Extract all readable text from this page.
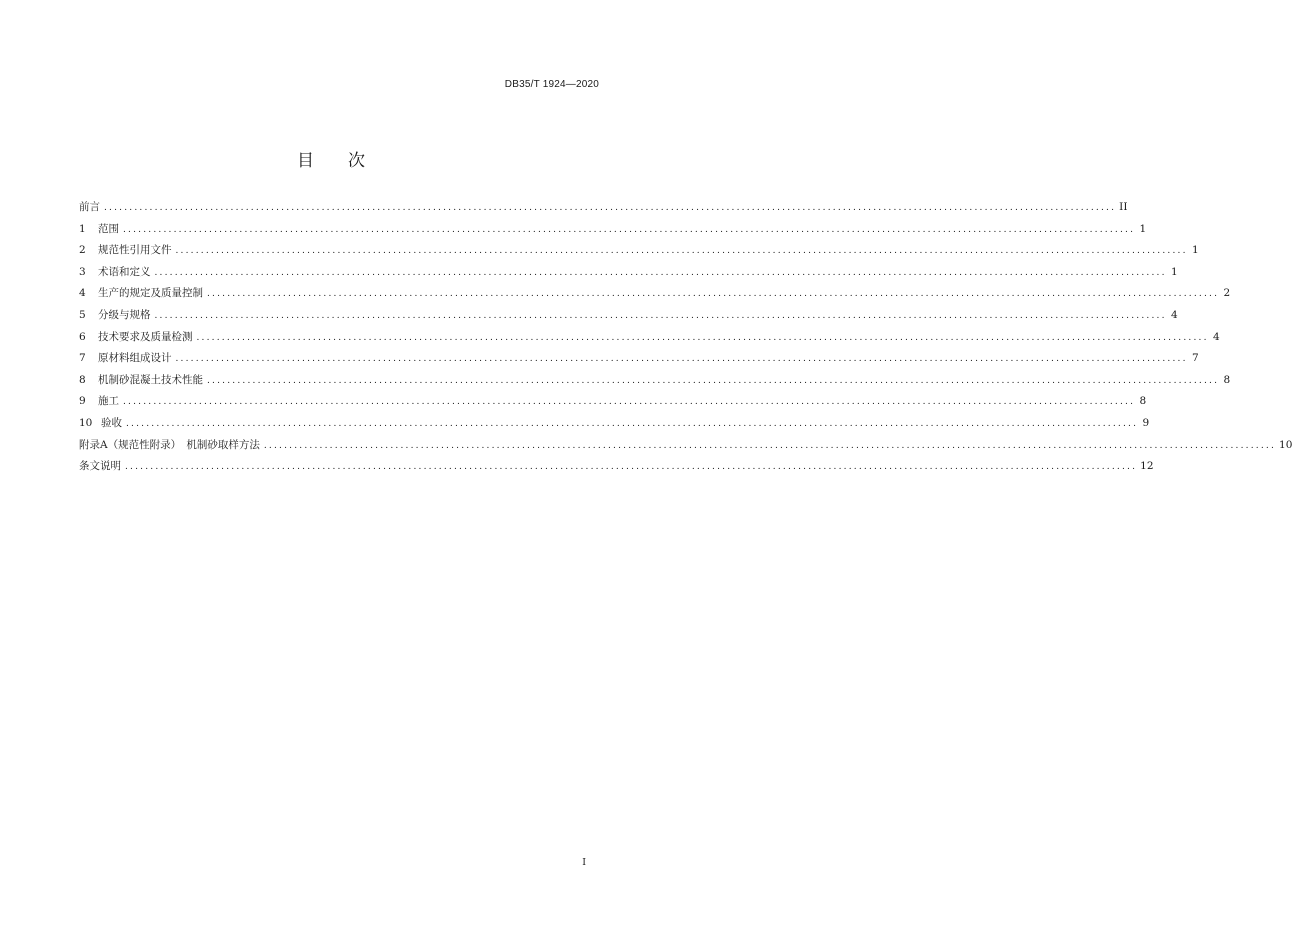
DB35/T 1924—2020
目　　次
前言 ........................................................................................................................................................................................................ II
1 范围 ........................................................................................................................................................................................................ 1
2 规范性引用文件 ........................................................................................................................................................................................................ 1
3 术语和定义 ........................................................................................................................................................................................................ 1
4 生产的规定及质量控制 ........................................................................................................................................................................................................ 2
5 分级与规格 ........................................................................................................................................................................................................ 4
6 技术要求及质量检测 ........................................................................................................................................................................................................ 4
7 原材料组成设计 ........................................................................................................................................................................................................ 7
8 机制砂混凝土技术性能 ........................................................................................................................................................................................................ 8
9 施工 ........................................................................................................................................................................................................ 8
10 验收 ........................................................................................................................................................................................................ 9
附录A（规范性附录）　机制砂取样方法 ........................................................................................................................................................................................................ 10
条文说明 ........................................................................................................................................................................................................ 12
I
